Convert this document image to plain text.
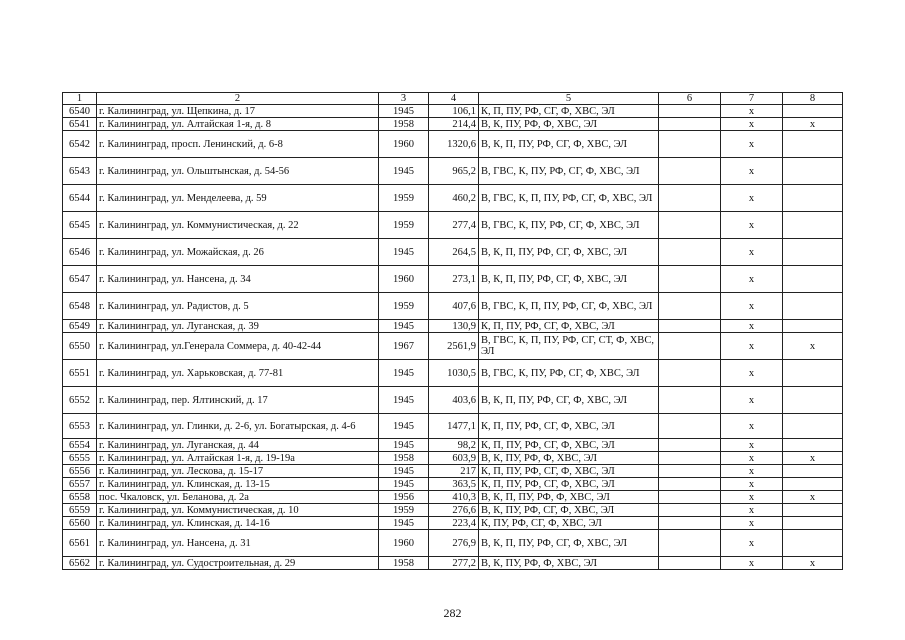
1	2	3	4	5	6	7	8
6540	г. Калининград, ул. Щепкина, д. 17	1945	106,1	К, П, ПУ, РФ, СГ, Ф, ХВС, ЭЛ		х	
6541	г. Калининград, ул. Алтайская 1-я, д. 8	1958	214,4	В, К, ПУ, РФ, Ф, ХВС, ЭЛ		х	х
6542	г. Калининград, просп. Ленинский, д. 6-8	1960	1320,6	В, К, П, ПУ, РФ, СГ, Ф, ХВС, ЭЛ		х	
6543	г. Калининград, ул. Ольштынская, д. 54-56	1945	965,2	В, ГВС, К, ПУ, РФ, СГ, Ф, ХВС, ЭЛ		х	
6544	г. Калининград, ул. Менделеева, д. 59	1959	460,2	В, ГВС, К, П, ПУ, РФ, СГ, Ф, ХВС, ЭЛ		х	
6545	г. Калининград, ул. Коммунистическая, д. 22	1959	277,4	В, ГВС, К, ПУ, РФ, СГ, Ф, ХВС, ЭЛ		х	
6546	г. Калининград, ул. Можайская, д. 26	1945	264,5	В, К, П, ПУ, РФ, СГ, Ф, ХВС, ЭЛ		х	
6547	г. Калининград, ул. Нансена, д. 34	1960	273,1	В, К, П, ПУ, РФ, СГ, Ф, ХВС, ЭЛ		х	
6548	г. Калининград, ул. Радистов, д. 5	1959	407,6	В, ГВС, К, П, ПУ, РФ, СГ, Ф, ХВС, ЭЛ		х	
6549	г. Калининград, ул. Луганская, д. 39	1945	130,9	К, П, ПУ, РФ, СГ, Ф, ХВС, ЭЛ		х	
6550	г. Калининград, ул.Генерала Соммера, д. 40-42-44	1967	2561,9	В, ГВС, К, П, ПУ, РФ, СГ, СТ, Ф, ХВС, ЭЛ		х	х
6551	г. Калининград, ул. Харьковская, д. 77-81	1945	1030,5	В, ГВС, К, ПУ, РФ, СГ, Ф, ХВС, ЭЛ		х	
6552	г. Калининград, пер. Ялтинский, д. 17	1945	403,6	В, К, П, ПУ, РФ, СГ, Ф, ХВС, ЭЛ		х	
6553	г. Калининград, ул. Глинки, д. 2-6, ул. Богатырская, д. 4-6	1945	1477,1	К, П, ПУ, РФ, СГ, Ф, ХВС, ЭЛ		х	
6554	г. Калининград, ул. Луганская, д. 44	1945	98,2	К, П, ПУ, РФ, СГ, Ф, ХВС, ЭЛ		х	
6555	г. Калининград, ул. Алтайская 1-я, д. 19-19а	1958	603,9	В, К, ПУ, РФ, Ф, ХВС, ЭЛ		х	х
6556	г. Калининград, ул. Лескова, д. 15-17	1945	217	К, П, ПУ, РФ, СГ, Ф, ХВС, ЭЛ		х	
6557	г. Калининград, ул. Клинская, д. 13-15	1945	363,5	К, П, ПУ, РФ, СГ, Ф, ХВС, ЭЛ		х	
6558	пос. Чкаловск, ул. Беланова, д. 2а	1956	410,3	В, К, П, ПУ, РФ, Ф, ХВС, ЭЛ		х	х
6559	г. Калининград, ул. Коммунистическая, д. 10	1959	276,6	В, К, ПУ, РФ, СГ, Ф, ХВС, ЭЛ		х	
6560	г. Калининград, ул. Клинская, д. 14-16	1945	223,4	К, ПУ, РФ, СГ, Ф, ХВС, ЭЛ		х	
6561	г. Калининград, ул. Нансена, д. 31	1960	276,9	В, К, П, ПУ, РФ, СГ, Ф, ХВС, ЭЛ		х	
6562	г. Калининград, ул. Судостроительная, д. 29	1958	277,2	В, К, ПУ, РФ, Ф, ХВС, ЭЛ		х	х
282
